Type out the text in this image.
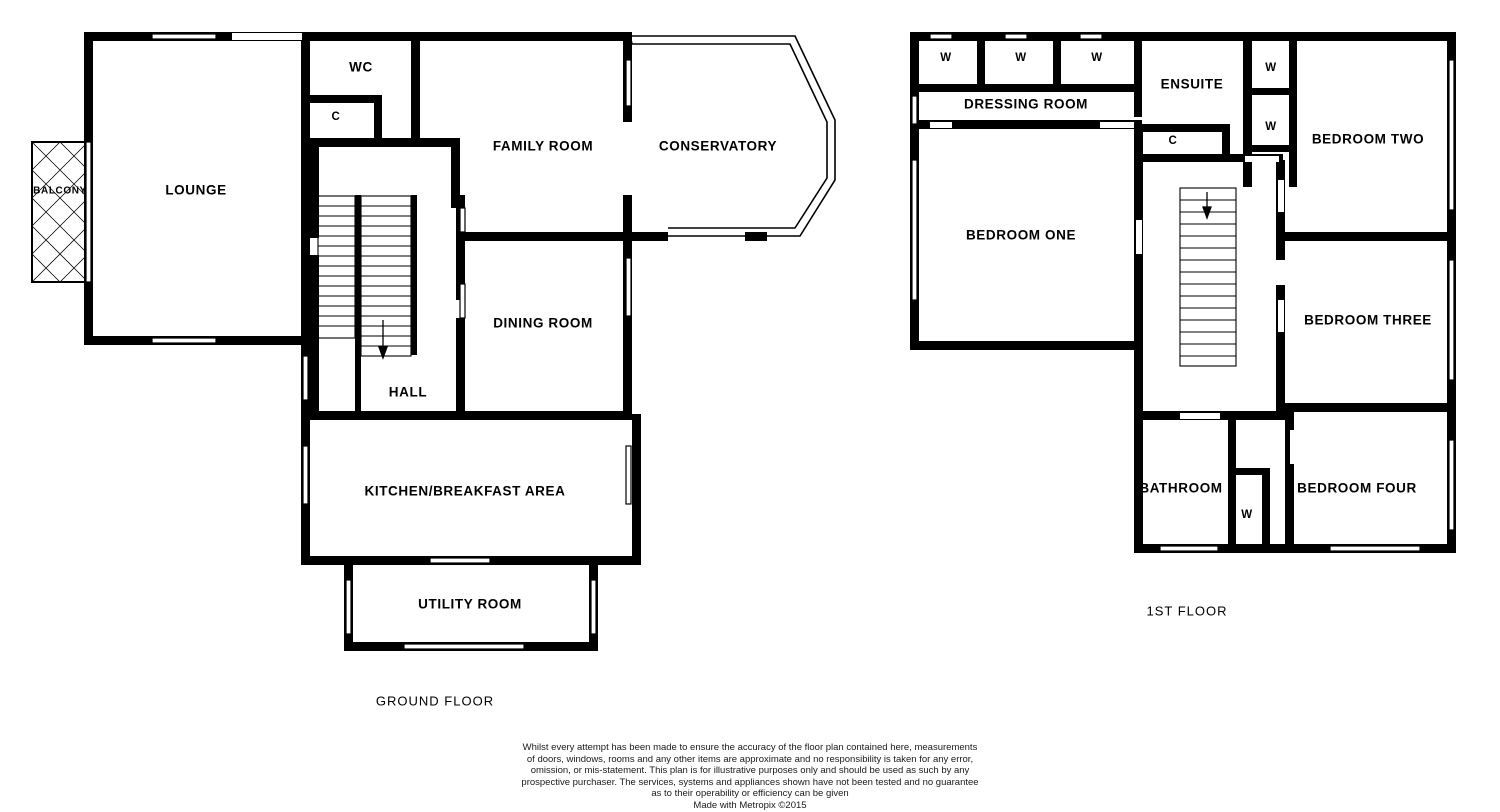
BALCONY	LOUNGE
WC
C
FAMILY ROOM	CONSERVATORY
DINING ROOM
HALL
KITCHEN/BREAKFAST AREA
UTILITY ROOM
W	W	W
ENSUITE
W
DRESSING ROOM
W
BEDROOM TWO
C
BEDROOM ONE
BEDROOM THREE
BATHROOM
W
BEDROOM FOUR
GROUND FLOOR
1ST FLOOR
Whilst every attempt has been made to ensure the accuracy of the floor plan contained here, measurements
of doors, windows, rooms and any other items are approximate and no responsibility is taken for any error,
omission, or mis-statement. This plan is for illustrative purposes only and should be used as such by any
prospective purchaser. The services, systems and appliances shown have not been tested and no guarantee
as to their operability or efficiency can be given
Made with Metropix ©2015
